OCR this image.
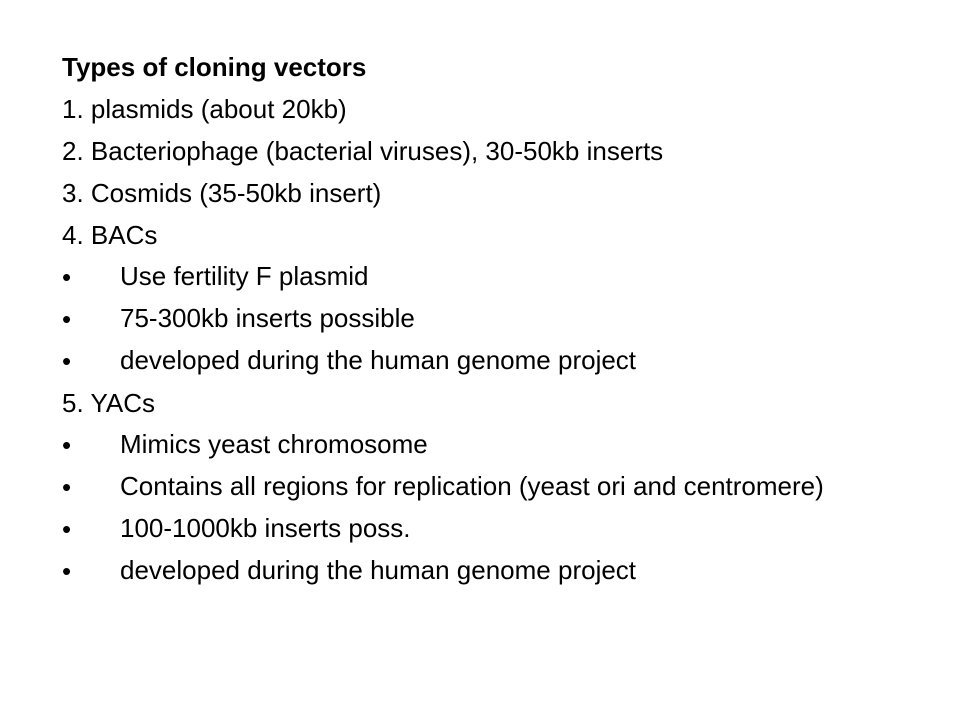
Types of cloning vectors

1. plasmids (about 20kb)

2. Bacteriophage (bacterial viruses), 30-50kb inserts

3. Cosmids (35-50kb insert)

4. BACs

•	Use fertility F plasmid
•	75-300kb inserts possible
•	developed during the human genome project

5. YACs

•	Mimics yeast chromosome
•	Contains all regions for replication (yeast ori and centromere)
•	100-1000kb inserts poss.
•	developed during the human genome project
